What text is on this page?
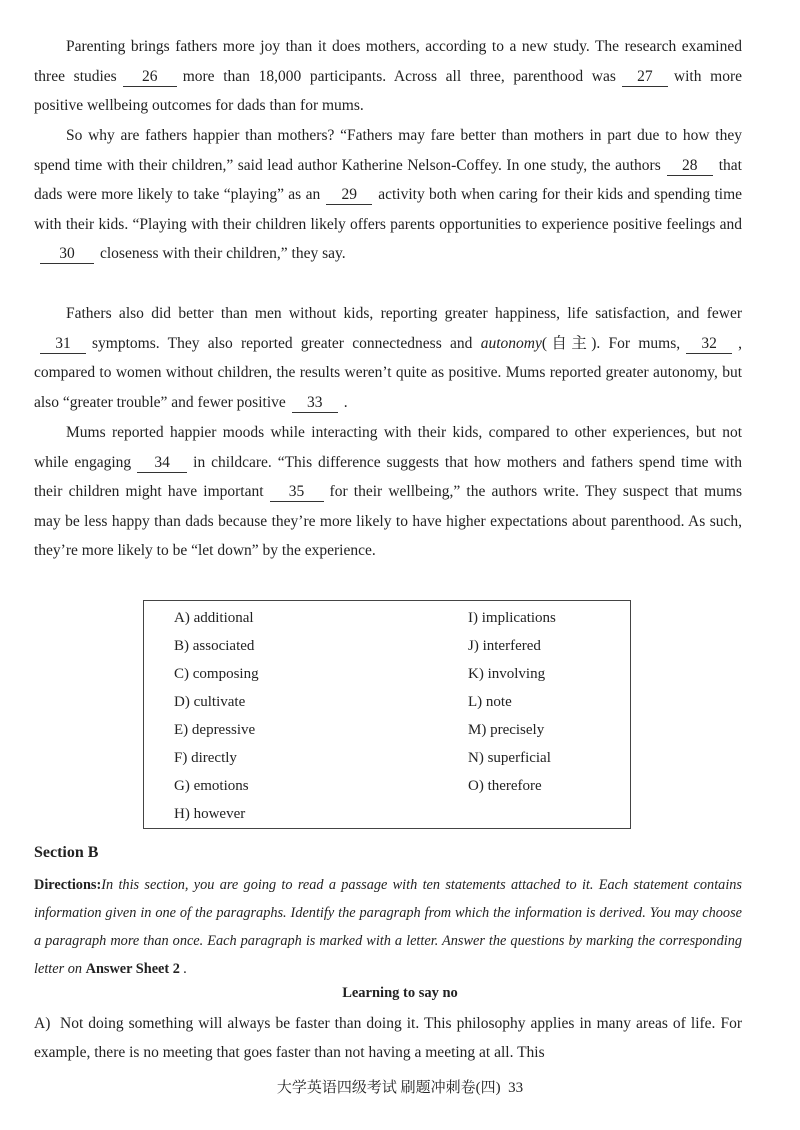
Parenting brings fathers more joy than it does mothers, according to a new study. The research examined three studies 26 more than 18,000 participants. Across all three, parenthood was 27 with more positive wellbeing outcomes for dads than for mums.

So why are fathers happier than mothers? “Fathers may fare better than mothers in part due to how they spend time with their children,” said lead author Katherine Nelson-Coffey. In one study, the authors 28 that dads were more likely to take “playing” as an 29 activity both when caring for their kids and spending time with their kids. “Playing with their children likely offers parents opportunities to experience positive feelings and30 closeness with their children,” they say.

Fathers also did better than men without kids, reporting greater happiness, life satisfaction, and fewer31 symptoms. They also reported greater connectedness and autonomy(自主). For mums, 32 , compared to women without children, the results weren’t quite as positive. Mums reported greater autonomy, but also “greater trouble” and fewer positive 33 .

Mums reported happier moods while interacting with their kids, compared to other experiences, but not while engaging 34 in childcare. “This difference suggests that how mothers and fathers spend time with their children might have important 35 for their wellbeing,” the authors write. They suspect that mums may be less happy than dads because they’re more likely to have higher expectations about parenthood. As such, they’re more likely to be “let down” by the experience.

A) additional
B) associated
C) composing
D) cultivate
E) depressive
F) directly
G) emotions
H) however
I) implications
J) interfered
K) involving
L) note
M) precisely
N) superficial
O) therefore
Section B

Directions:In this section, you are going to read a passage with ten statements attached to it. Each statement contains information given in one of the paragraphs. Identify the paragraph from which the information is derived. You may choose a paragraph more than once. Each paragraph is marked with a letter. Answer the questions by marking the corresponding letter on Answer Sheet 2 .

Learning to say no

A) Not doing something will always be faster than doing it. This philosophy applies in many areas of life. For example, there is no meeting that goes faster than not having a meeting at all. This

大学英语四级考试 刷题冲刺卷(四) 33
